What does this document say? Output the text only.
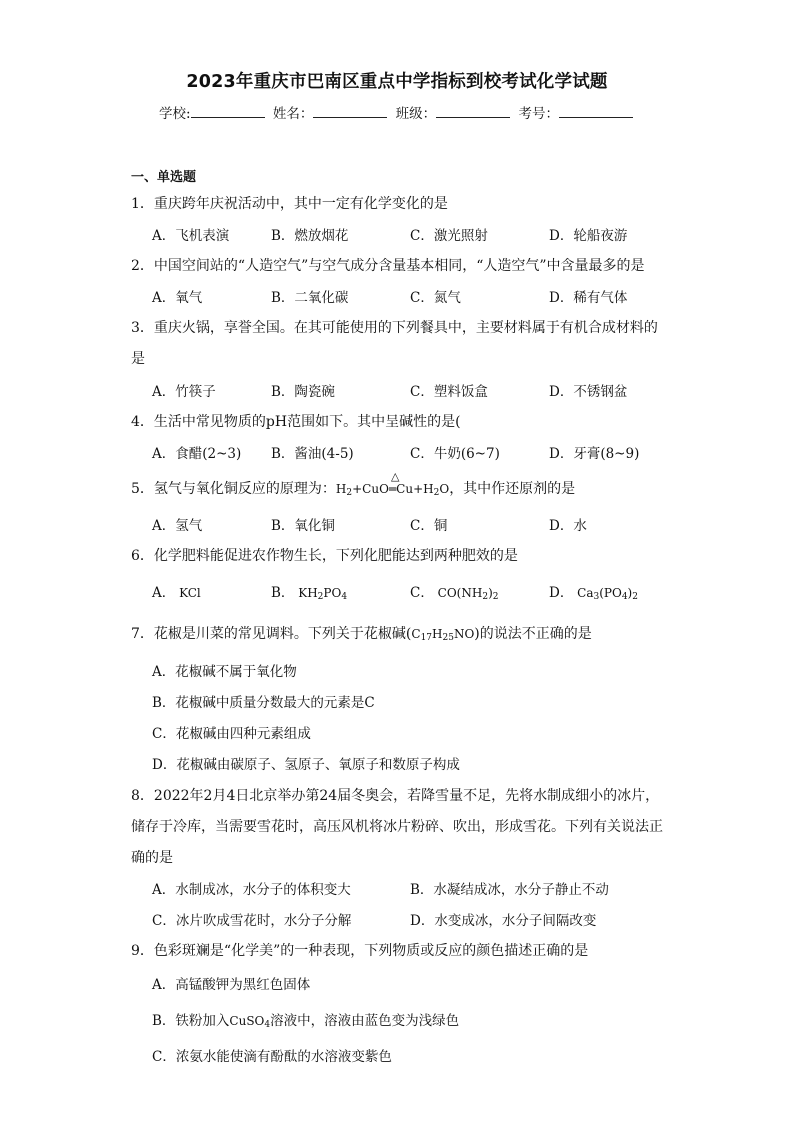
2023年重庆市巴南区重点中学指标到校考试化学试题
学校:	姓名：	班级：	考号：
一、单选题
1．重庆跨年庆祝活动中，其中一定有化学变化的是
A．飞机表演	B．燃放烟花	C．激光照射	D．轮船夜游
2．中国空间站的“人造空气”与空气成分含量基本相同，“人造空气”中含量最多的是
A．氧气	B．二氧化碳	C．氮气	D．稀有气体
3．重庆火锅，享誉全国。在其可能使用的下列餐具中，主要材料属于有机合成材料的
是
A．竹筷子	B．陶瓷碗	C．塑料饭盒	D．不锈钢盆
4．生活中常见物质的pH范围如下。其中呈碱性的是(
A．食醋(2~3) B．酱油(4-5)	C．牛奶(6~7)	D．牙膏(8~9)
5．氢气与氧化铜反应的原理为：$H_2+CuO$
△
$═Cu+H_2O$，其中作还原剂的是
A．氢气	B．氧化铜	C．铜	D．水
6．化学肥料能促进农作物生长，下列化肥能达到两种肥效的是
A． KCl	B． $KH_2PO_4$	C． $CO(NH_2)_2$	D． $Ca_3(PO_4)_2$
7．花椒是川菜的常见调料。下列关于花椒碱$(C_{17}H_{25}NO)$的说法不正确的是
A．花椒碱不属于氧化物
B．花椒碱中质量分数最大的元素是C
C．花椒碱由四种元素组成
D．花椒碱由碳原子、氢原子、氧原子和数原子构成
8．2022年2月4日北京举办第24届冬奥会，若降雪量不足，先将水制成细小的冰片，
储存于冷库，当需要雪花时，高压风机将冰片粉碎、吹出，形成雪花。下列有关说法正
确的是
A．水制成冰，水分子的体积变大	B．水凝结成冰，水分子静止不动
C．冰片吹成雪花时，水分子分解	D．水变成冰，水分子间隔改变
9．色彩斑斓是“化学美”的一种表现，下列物质或反应的颜色描述正确的是
A．高锰酸钾为黑红色固体
B．铁粉加入CuSO$_4$溶液中，溶液由蓝色变为浅绿色
C．浓氨水能使滴有酚酞的水溶液变紫色
